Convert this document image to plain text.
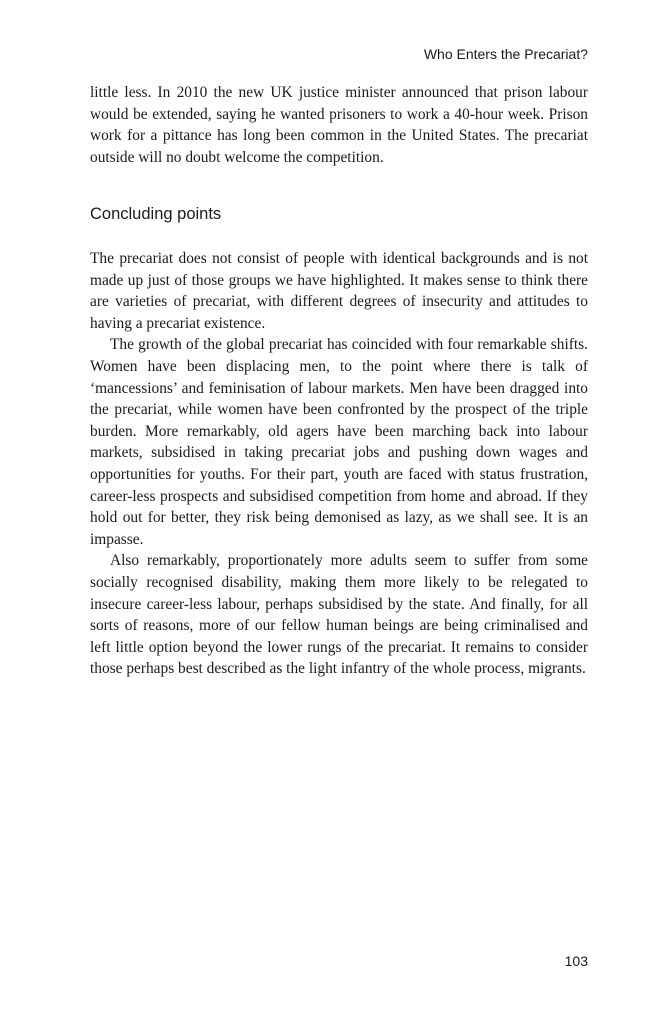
Who Enters the Precariat?

little less. In 2010 the new UK justice minister announced that prison labour would be extended, saying he wanted prisoners to work a 40-hour week. Prison work for a pittance has long been common in the United States. The precariat outside will no doubt welcome the competition.

Concluding points

The precariat does not consist of people with identical backgrounds and is not made up just of those groups we have highlighted. It makes sense to think there are varieties of precariat, with different degrees of insecurity and attitudes to having a precariat existence.

The growth of the global precariat has coincided with four remarkable shifts. Women have been displacing men, to the point where there is talk of ‘mancessions’ and feminisation of labour markets. Men have been dragged into the precariat, while women have been confronted by the prospect of the triple burden. More remarkably, old agers have been marching back into labour markets, subsidised in taking precariat jobs and pushing down wages and opportunities for youths. For their part, youth are faced with status frustration, career-less prospects and subsidised competition from home and abroad. If they hold out for better, they risk being demonised as lazy, as we shall see. It is an impasse.

Also remarkably, proportionately more adults seem to suffer from some socially recognised disability, making them more likely to be relegated to insecure career-less labour, perhaps subsidised by the state. And finally, for all sorts of reasons, more of our fellow human beings are being criminalised and left little option beyond the lower rungs of the precariat. It remains to consider those perhaps best described as the light infantry of the whole process, migrants.

103
